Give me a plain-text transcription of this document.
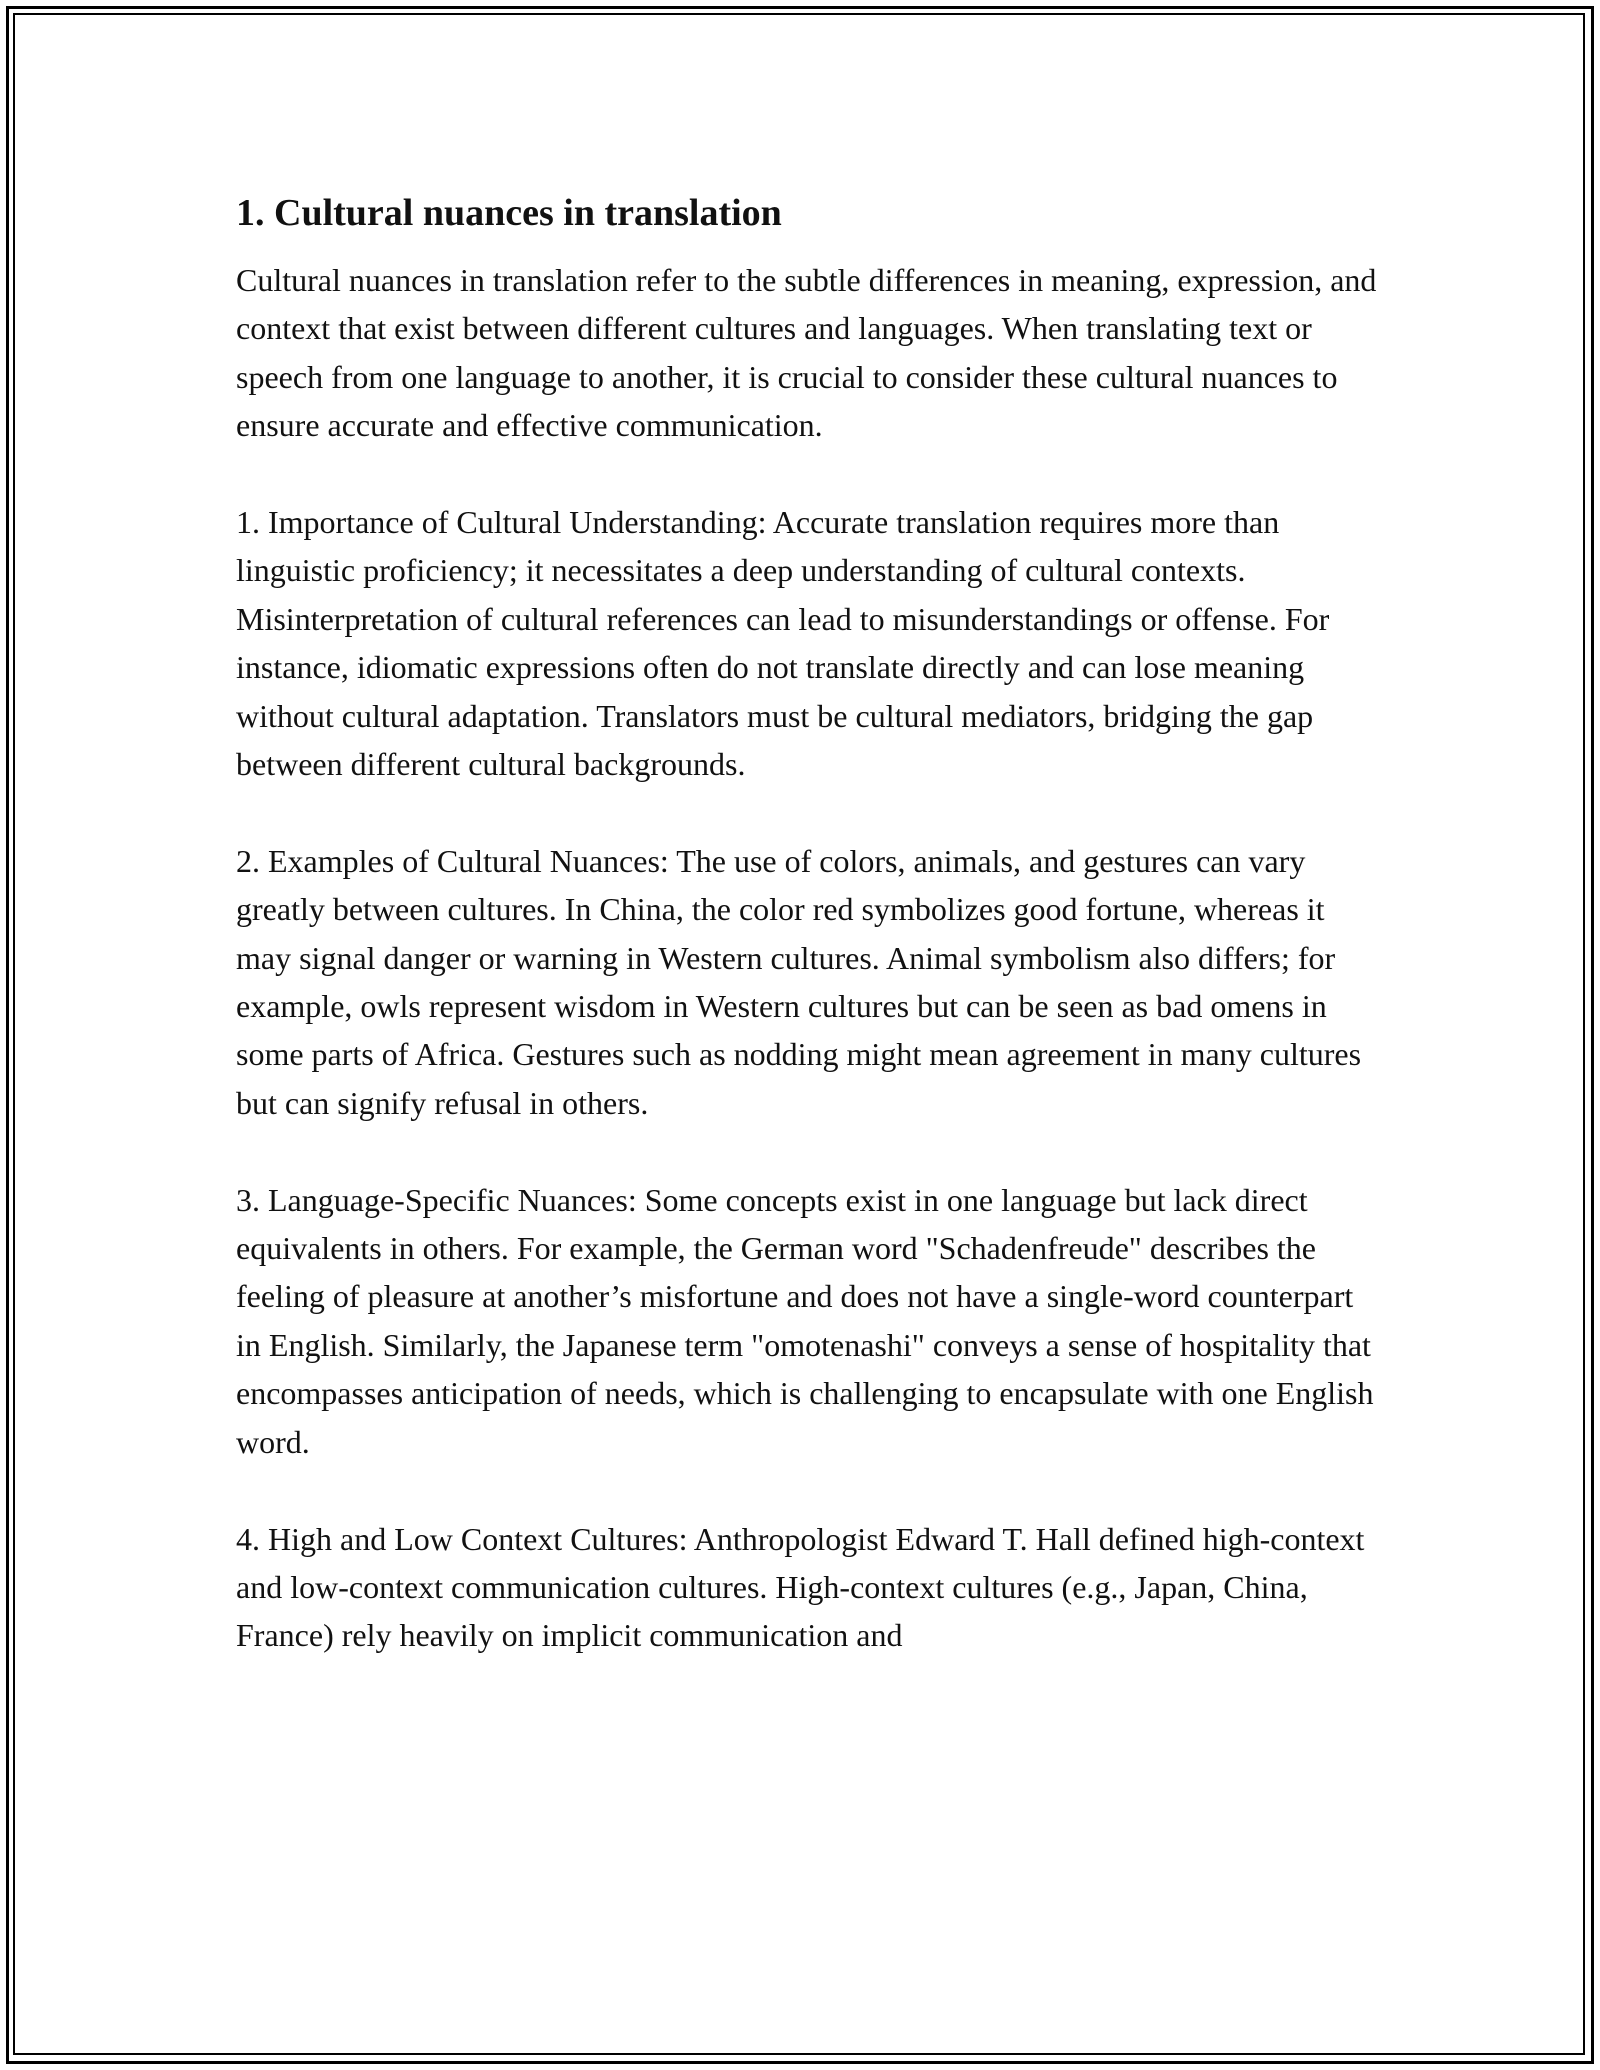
1. Cultural nuances in translation

Cultural nuances in translation refer to the subtle differences in meaning, expression, and context that exist between different cultures and languages. When translating text or speech from one language to another, it is crucial to consider these cultural nuances to ensure accurate and effective communication.

1. Importance of Cultural Understanding: Accurate translation requires more than linguistic proficiency; it necessitates a deep understanding of cultural contexts. Misinterpretation of cultural references can lead to misunderstandings or offense. For instance, idiomatic expressions often do not translate directly and can lose meaning without cultural adaptation. Translators must be cultural mediators, bridging the gap between different cultural backgrounds.

2. Examples of Cultural Nuances: The use of colors, animals, and gestures can vary greatly between cultures. In China, the color red symbolizes good fortune, whereas it may signal danger or warning in Western cultures. Animal symbolism also differs; for example, owls represent wisdom in Western cultures but can be seen as bad omens in some parts of Africa. Gestures such as nodding might mean agreement in many cultures but can signify refusal in others.

3. Language-Specific Nuances: Some concepts exist in one language but lack direct equivalents in others. For example, the German word "Schadenfreude" describes the feeling of pleasure at another’s misfortune and does not have a single-word counterpart in English. Similarly, the Japanese term "omotenashi" conveys a sense of hospitality that encompasses anticipation of needs, which is challenging to encapsulate with one English word.

4. High and Low Context Cultures: Anthropologist Edward T. Hall defined high-context and low-context communication cultures. High-context cultures (e.g., Japan, China, France) rely heavily on implicit communication and
